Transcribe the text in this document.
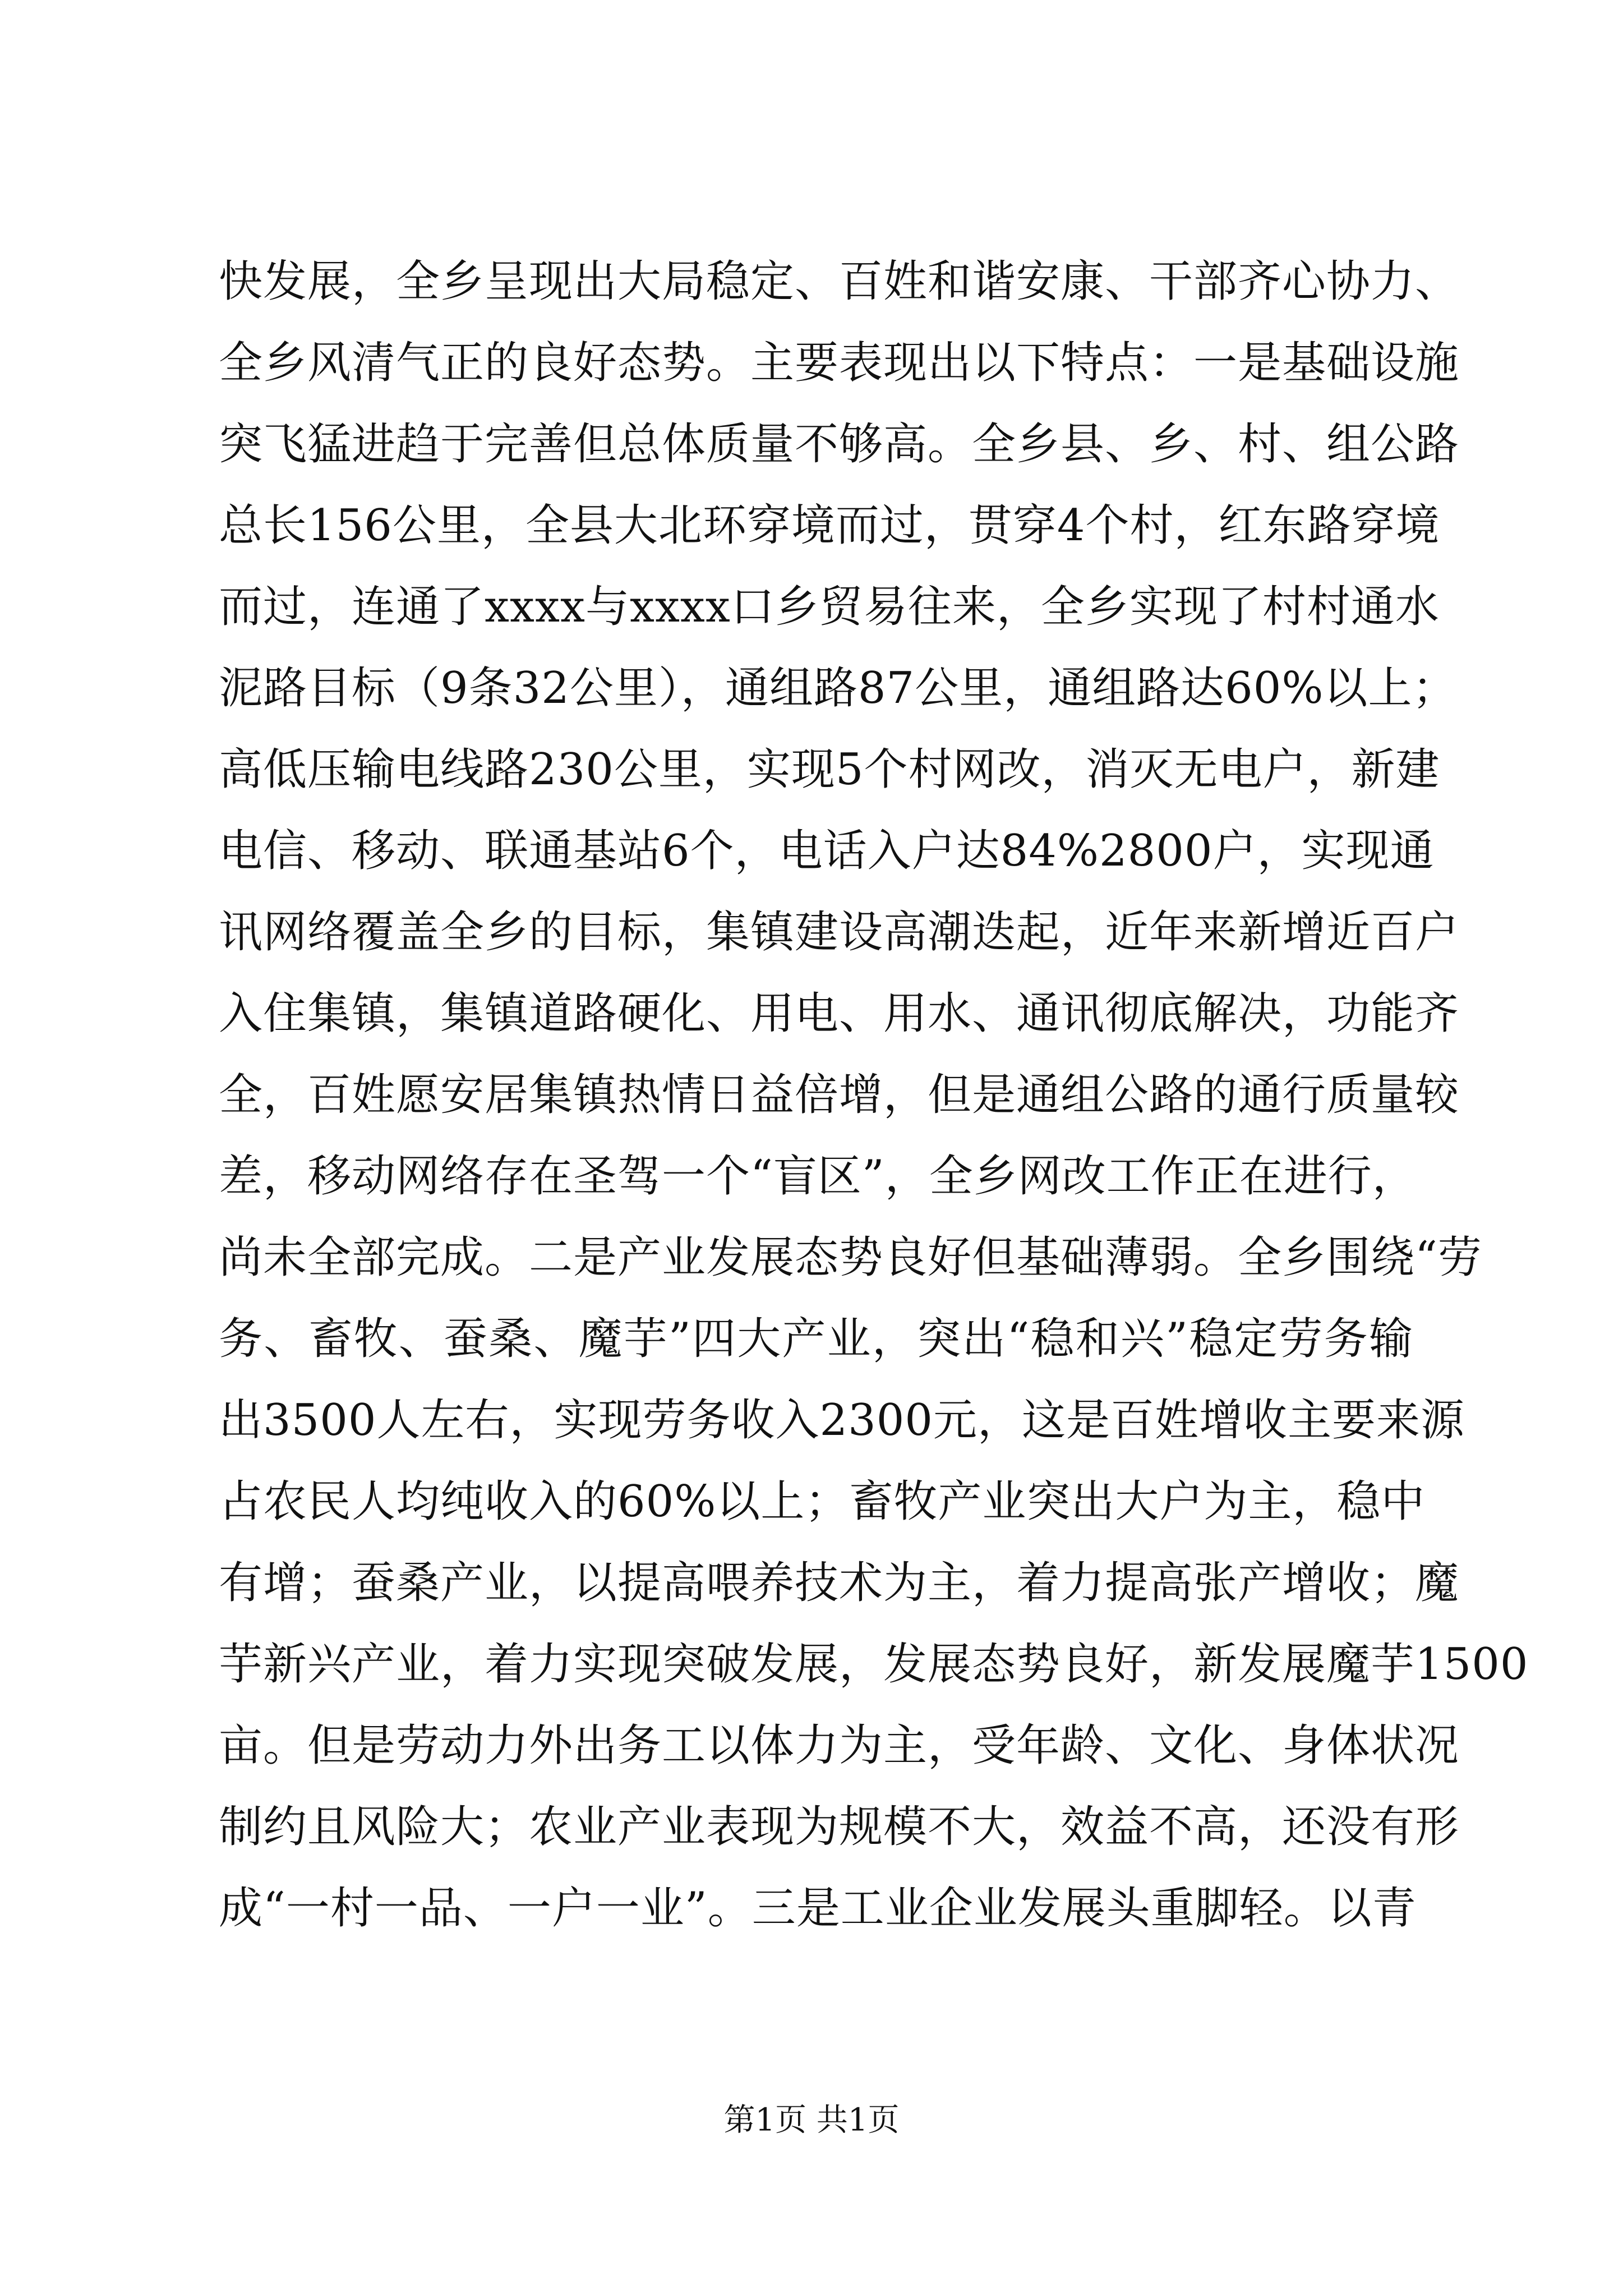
快发展，全乡呈现出大局稳定、百姓和谐安康、干部齐心协力、
全乡风清气正的良好态势。主要表现出以下特点：一是基础设施
突飞猛进趋于完善但总体质量不够高。全乡县、乡、村、组公路
总长156公里，全县大北环穿境而过，贯穿4个村，红东路穿境
而过，连通了xxxx与xxxx口乡贸易往来，全乡实现了村村通水
泥路目标（9条32公里），通组路87公里，通组路达60%以上；
高低压输电线路230公里，实现5个村网改，消灭无电户，新建
电信、移动、联通基站6个，电话入户达84%2800户，实现通
讯网络覆盖全乡的目标，集镇建设高潮迭起，近年来新增近百户
入住集镇，集镇道路硬化、用电、用水、通讯彻底解决，功能齐
全，百姓愿安居集镇热情日益倍增，但是通组公路的通行质量较
差，移动网络存在圣驾一个“盲区”，全乡网改工作正在进行，
尚未全部完成。二是产业发展态势良好但基础薄弱。全乡围绕“劳
务、畜牧、蚕桑、魔芋”四大产业，突出“稳和兴”稳定劳务输
出3500人左右，实现劳务收入2300元，这是百姓增收主要来源
占农民人均纯收入的60%以上；畜牧产业突出大户为主，稳中
有增；蚕桑产业，以提高喂养技术为主，着力提高张产增收；魔
芋新兴产业，着力实现突破发展，发展态势良好，新发展魔芋1500
亩。但是劳动力外出务工以体力为主，受年龄、文化、身体状况
制约且风险大；农业产业表现为规模不大，效益不高，还没有形
成“一村一品、一户一业”。三是工业企业发展头重脚轻。以青
第1页 共1页
